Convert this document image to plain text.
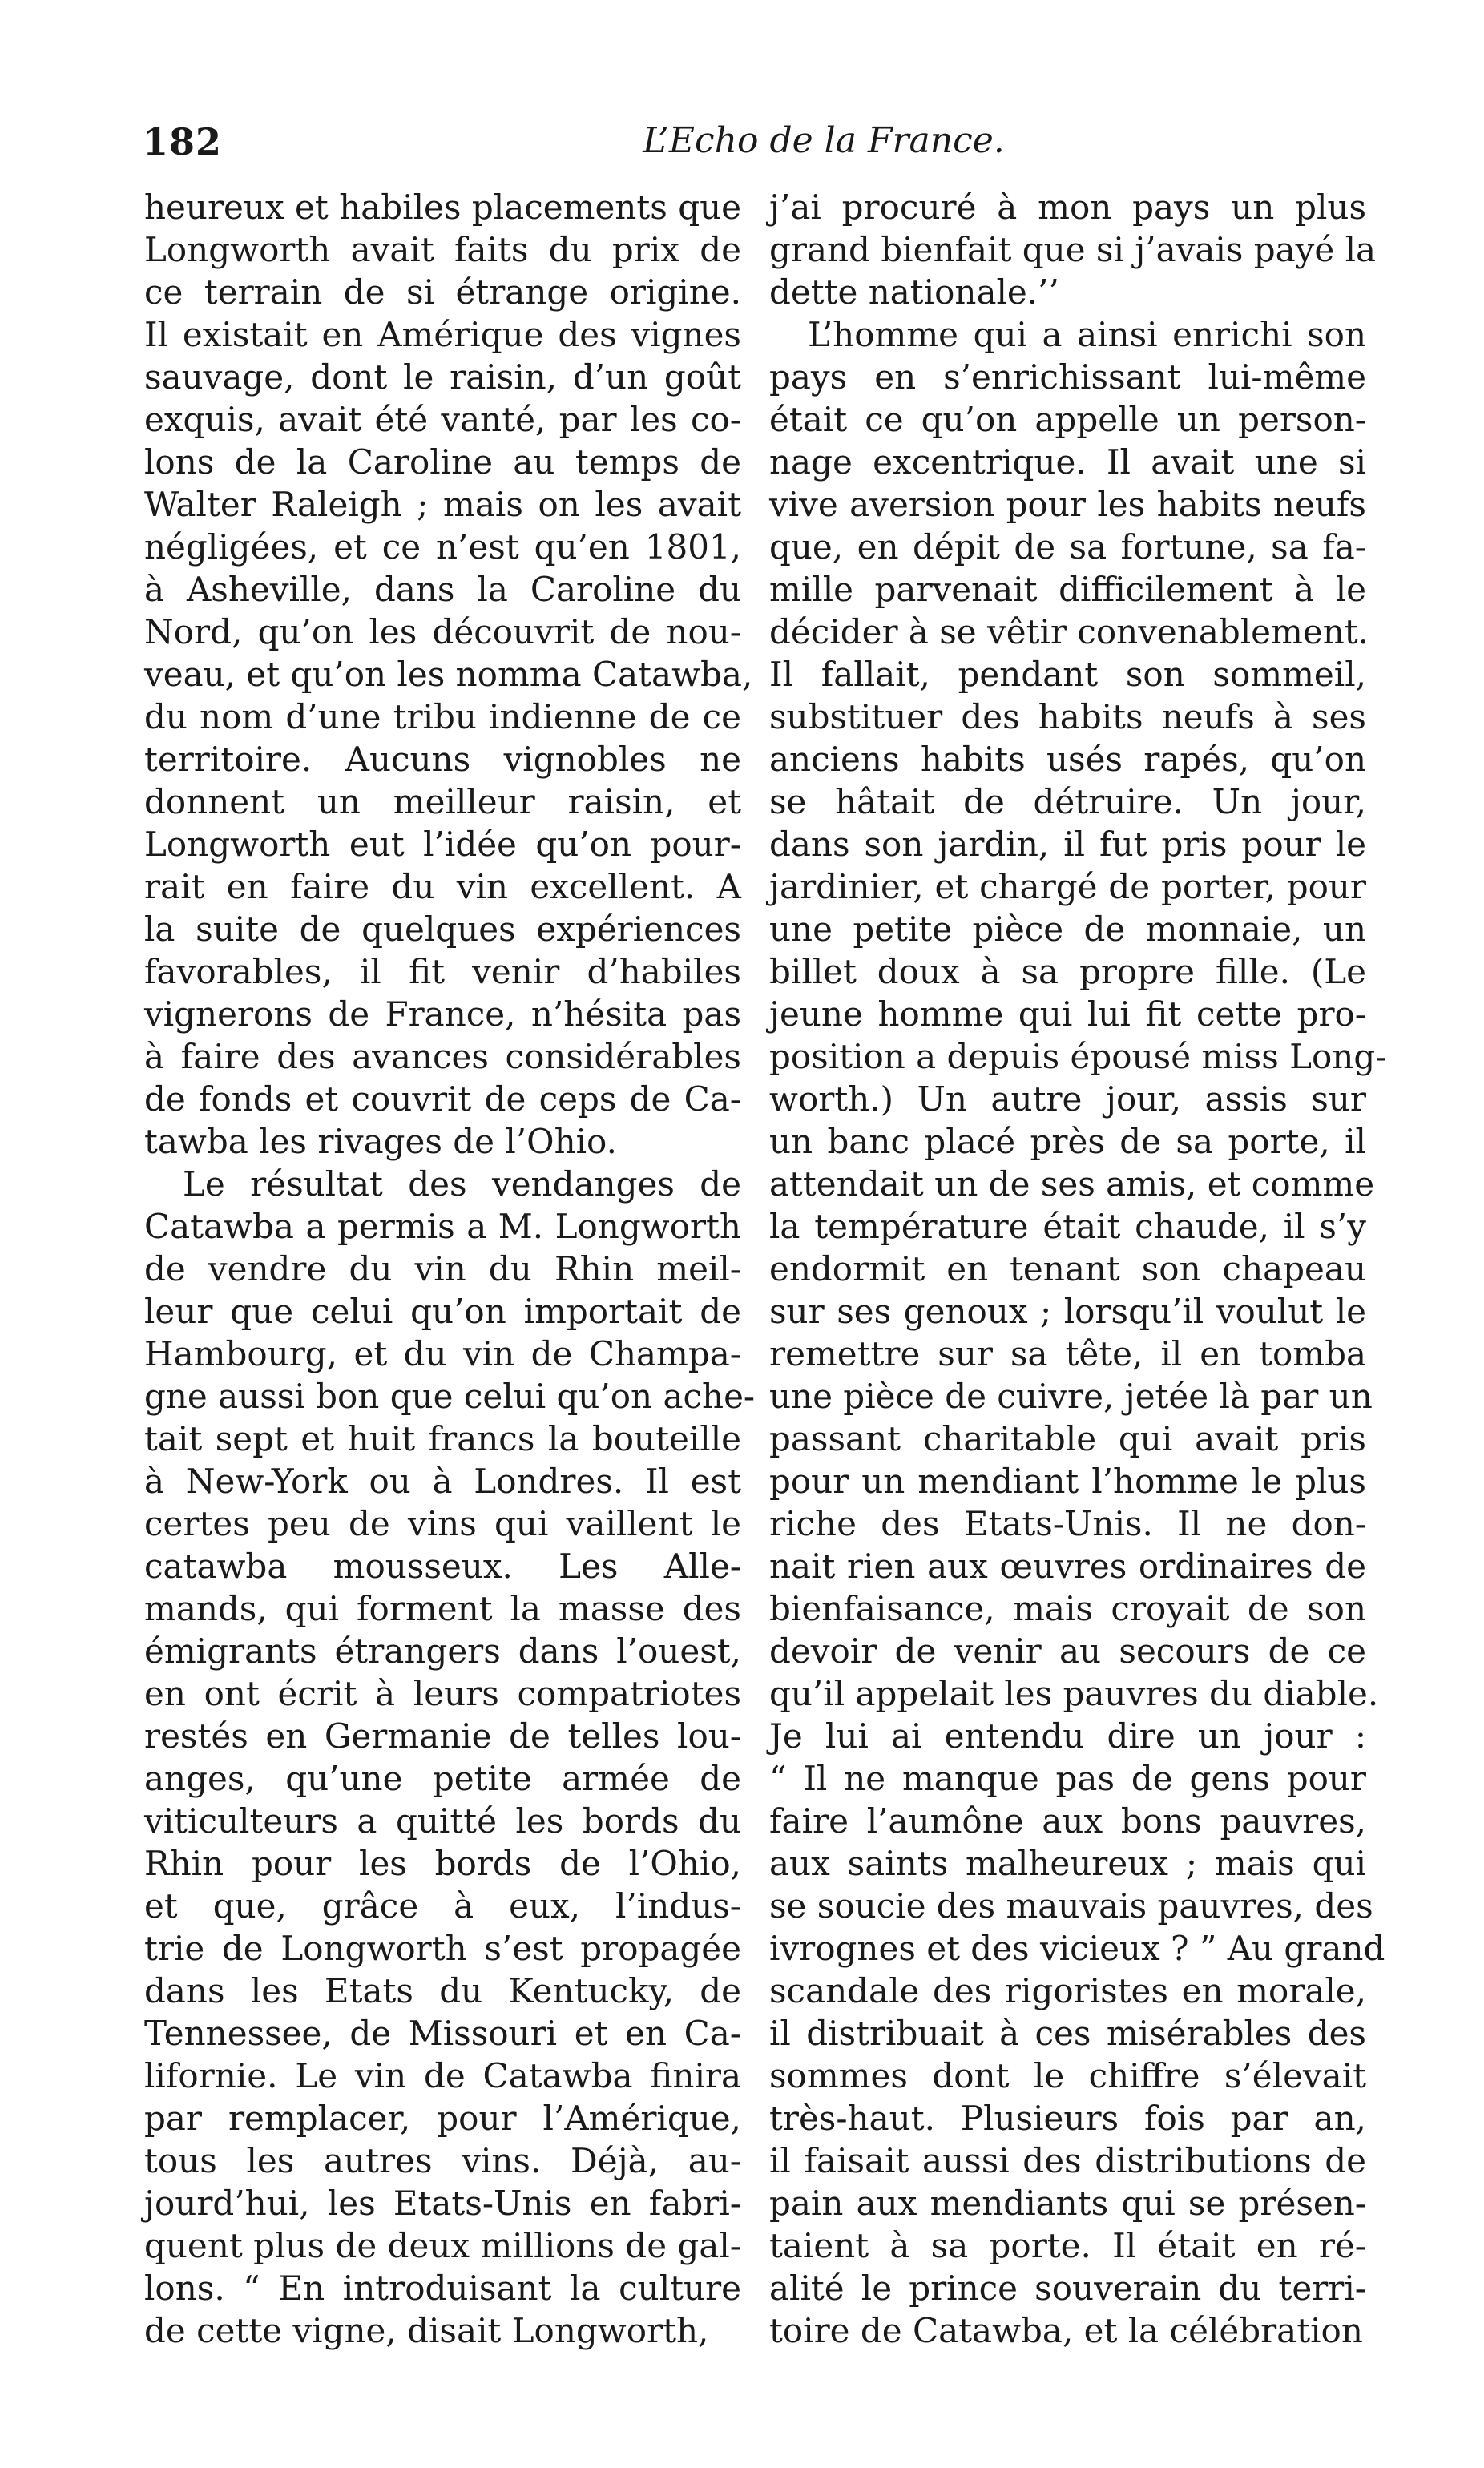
182	L’Echo de la France.
heureux et habiles placements que
Longworth avait faits du prix de
ce terrain de si étrange origine.
Il existait en Amérique des vignes
sauvage, dont le raisin, d’un goût
exquis, avait été vanté, par les co-
lons de la Caroline au temps de
Walter Raleigh ; mais on les avait
négligées, et ce n’est qu’en 1801,
à Asheville, dans la Caroline du
Nord, qu’on les découvrit de nou-
veau, et qu’on les nomma Catawba,
du nom d’une tribu indienne de ce
territoire. Aucuns vignobles ne
donnent un meilleur raisin, et
Longworth eut l’idée qu’on pour-
rait en faire du vin excellent. A
la suite de quelques expériences
favorables, il fit venir d’habiles
vignerons de France, n’hésita pas
à faire des avances considérables
de fonds et couvrit de ceps de Ca-
tawba les rivages de l’Ohio.
Le résultat des vendanges de
Catawba a permis a M. Longworth
de vendre du vin du Rhin meil-
leur que celui qu’on importait de
Hambourg, et du vin de Champa-
gne aussi bon que celui qu’on ache-
tait sept et huit francs la bouteille
à New-York ou à Londres. Il est
certes peu de vins qui vaillent le
catawba mousseux. Les Alle-
mands, qui forment la masse des
émigrants étrangers dans l’ouest,
en ont écrit à leurs compatriotes
restés en Germanie de telles lou-
anges, qu’une petite armée de
viticulteurs a quitté les bords du
Rhin pour les bords de l’Ohio,
et que, grâce à eux, l’indus-
trie de Longworth s’est propagée
dans les Etats du Kentucky, de
Tennessee, de Missouri et en Ca-
lifornie. Le vin de Catawba finira
par remplacer, pour l’Amérique,
tous les autres vins. Déjà, au-
jourd’hui, les Etats-Unis en fabri-
quent plus de deux millions de gal-
lons. “ En introduisant la culture
de cette vigne, disait Longworth,
j’ai procuré à mon pays un plus
grand bienfait que si j’avais payé la
dette nationale.’’
L’homme qui a ainsi enrichi son
pays en s’enrichissant lui-même
était ce qu’on appelle un person-
nage excentrique. Il avait une si
vive aversion pour les habits neufs
que, en dépit de sa fortune, sa fa-
mille parvenait difficilement à le
décider à se vêtir convenablement.
Il fallait, pendant son sommeil,
substituer des habits neufs à ses
anciens habits usés rapés, qu’on
se hâtait de détruire. Un jour,
dans son jardin, il fut pris pour le
jardinier, et chargé de porter, pour
une petite pièce de monnaie, un
billet doux à sa propre fille. (Le
jeune homme qui lui fit cette pro-
position a depuis épousé miss Long-
worth.) Un autre jour, assis sur
un banc placé près de sa porte, il
attendait un de ses amis, et comme
la température était chaude, il s’y
endormit en tenant son chapeau
sur ses genoux ; lorsqu’il voulut le
remettre sur sa tête, il en tomba
une pièce de cuivre, jetée là par un
passant charitable qui avait pris
pour un mendiant l’homme le plus
riche des Etats-Unis. Il ne don-
nait rien aux œuvres ordinaires de
bienfaisance, mais croyait de son
devoir de venir au secours de ce
qu’il appelait les pauvres du diable.
Je lui ai entendu dire un jour :
“ Il ne manque pas de gens pour
faire l’aumône aux bons pauvres,
aux saints malheureux ; mais qui
se soucie des mauvais pauvres, des
ivrognes et des vicieux ? ” Au grand
scandale des rigoristes en morale,
il distribuait à ces misérables des
sommes dont le chiffre s’élevait
très-haut. Plusieurs fois par an,
il faisait aussi des distributions de
pain aux mendiants qui se présen-
taient à sa porte. Il était en ré-
alité le prince souverain du terri-
toire de Catawba, et la célébration
